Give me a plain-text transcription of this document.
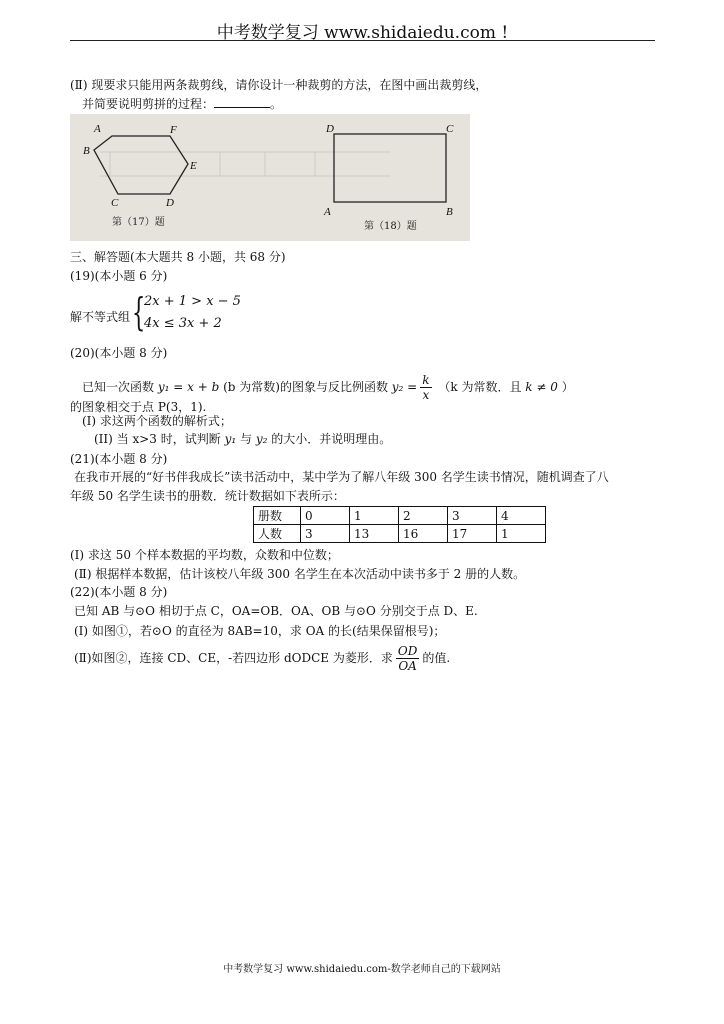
中考数学复习 www.shidaiedu.com !
(Ⅱ) 现要求只能用两条裁剪线，请你设计一种裁剪的方法，在图中画出裁剪线，
并简要说明剪拼的过程：	。
A	F
B
E
C	D
第（17）题
D	C
A	B
第（18）题
三、解答题(本大题共 8 小题，共 68 分)
(19)(本小题 6 分)
解不等式组 {
2x + 1 > x − 5
4x ≤ 3x + 2
(20)(本小题 8 分)
已知一次函数 y₁ = x + b (b 为常数)的图象与反比例函数 $y_2 = \frac{k}{x} (k$ 为常数．且 k ≠ 0 ）
的图象相交于点 P(3，1).
(I) 求这两个函数的解析式；
(II) 当 x>3 时，试判断 y₁ 与 y₂ 的大小．并说明理由。
(21)(本小题 8 分)
在我市开展的“好书伴我成长”读书活动中，某中学为了解八年级 300 名学生读书情况，随机调查了八
年级 50 名学生读书的册数．统计数据如下表所示：
册数	0	1	2	3	4
人数	3	13	16	17	1
(Ⅰ) 求这 50 个样本数据的平均数，众数和中位数；
(Ⅱ) 根据样本数据，估计该校八年级 300 名学生在本次活动中读书多于 2 册的人数。
(22)(本小题 8 分)
已知 AB 与⊙O 相切于点 C，OA=OB．OA、OB 与⊙O 分别交于点 D、E.
(Ⅰ) 如图①，若⊙O 的直径为 8AB=10，求 OA 的长(结果保留根号)；
(Ⅱ)如图②，连接 CD、CE，-若四边形 dODCE 为菱形．求 $\frac{OD}{OA}$ 的值.
中考数学复习 www.shidaiedu.com-数学老师自己的下载网站
